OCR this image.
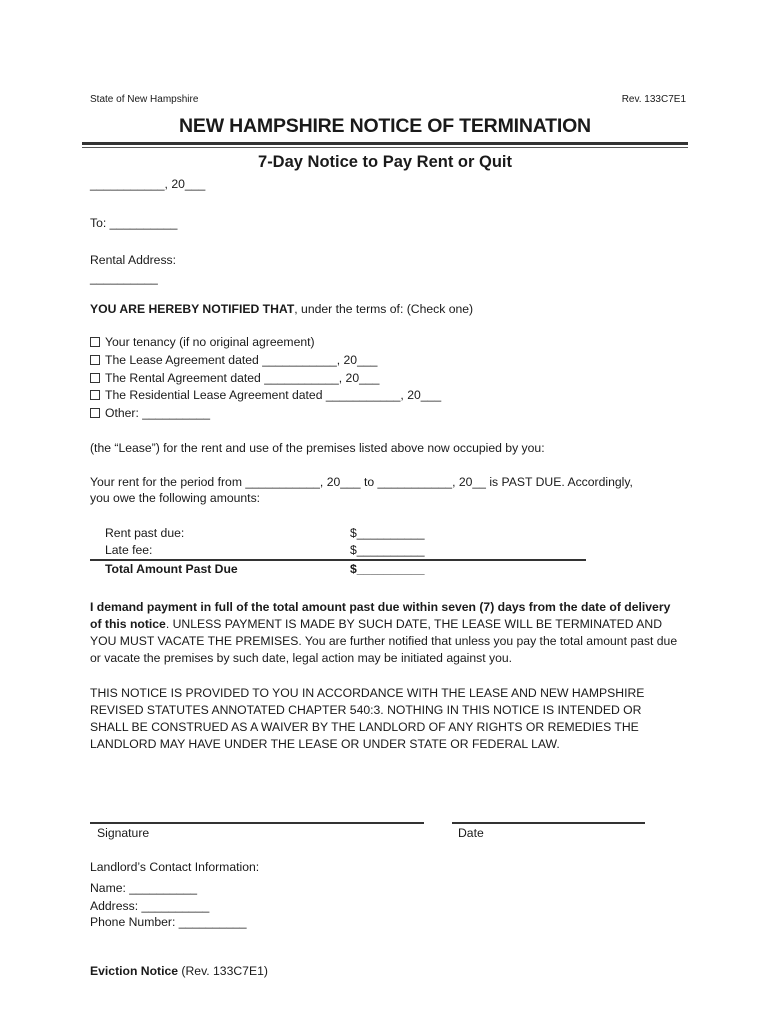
State of New Hampshire	Rev. 133C7E1
NEW HAMPSHIRE NOTICE OF TERMINATION
7-Day Notice to Pay Rent or Quit
___________, 20___
To: __________
Rental Address:
__________
YOU ARE HEREBY NOTIFIED THAT, under the terms of: (Check one)
Your tenancy (if no original agreement)
The Lease Agreement dated ___________, 20___
The Rental Agreement dated ___________, 20___
The Residential Lease Agreement dated ___________, 20___
Other: __________
(the “Lease”) for the rent and use of the premises listed above now occupied by you:
Your rent for the period from ___________, 20___ to ___________, 20__ is PAST DUE. Accordingly,
you owe the following amounts:
Rent past due:	$__________
Late fee:	$__________
Total Amount Past Due	$__________
I demand payment in full of the total amount past due within seven (7) days from the date of delivery of this notice. UNLESS PAYMENT IS MADE BY SUCH DATE, THE LEASE WILL BE TERMINATED AND YOU MUST VACATE THE PREMISES. You are further notified that unless you pay the total amount past due or vacate the premises by such date, legal action may be initiated against you.
THIS NOTICE IS PROVIDED TO YOU IN ACCORDANCE WITH THE LEASE AND NEW HAMPSHIRE REVISED STATUTES ANNOTATED CHAPTER 540:3. NOTHING IN THIS NOTICE IS INTENDED OR SHALL BE CONSTRUED AS A WAIVER BY THE LANDLORD OF ANY RIGHTS OR REMEDIES THE LANDLORD MAY HAVE UNDER THE LEASE OR UNDER STATE OR FEDERAL LAW.
Signature	Date
Landlord’s Contact Information:
Name: __________
Address: __________
Phone Number: __________
Eviction Notice (Rev. 133C7E1)
